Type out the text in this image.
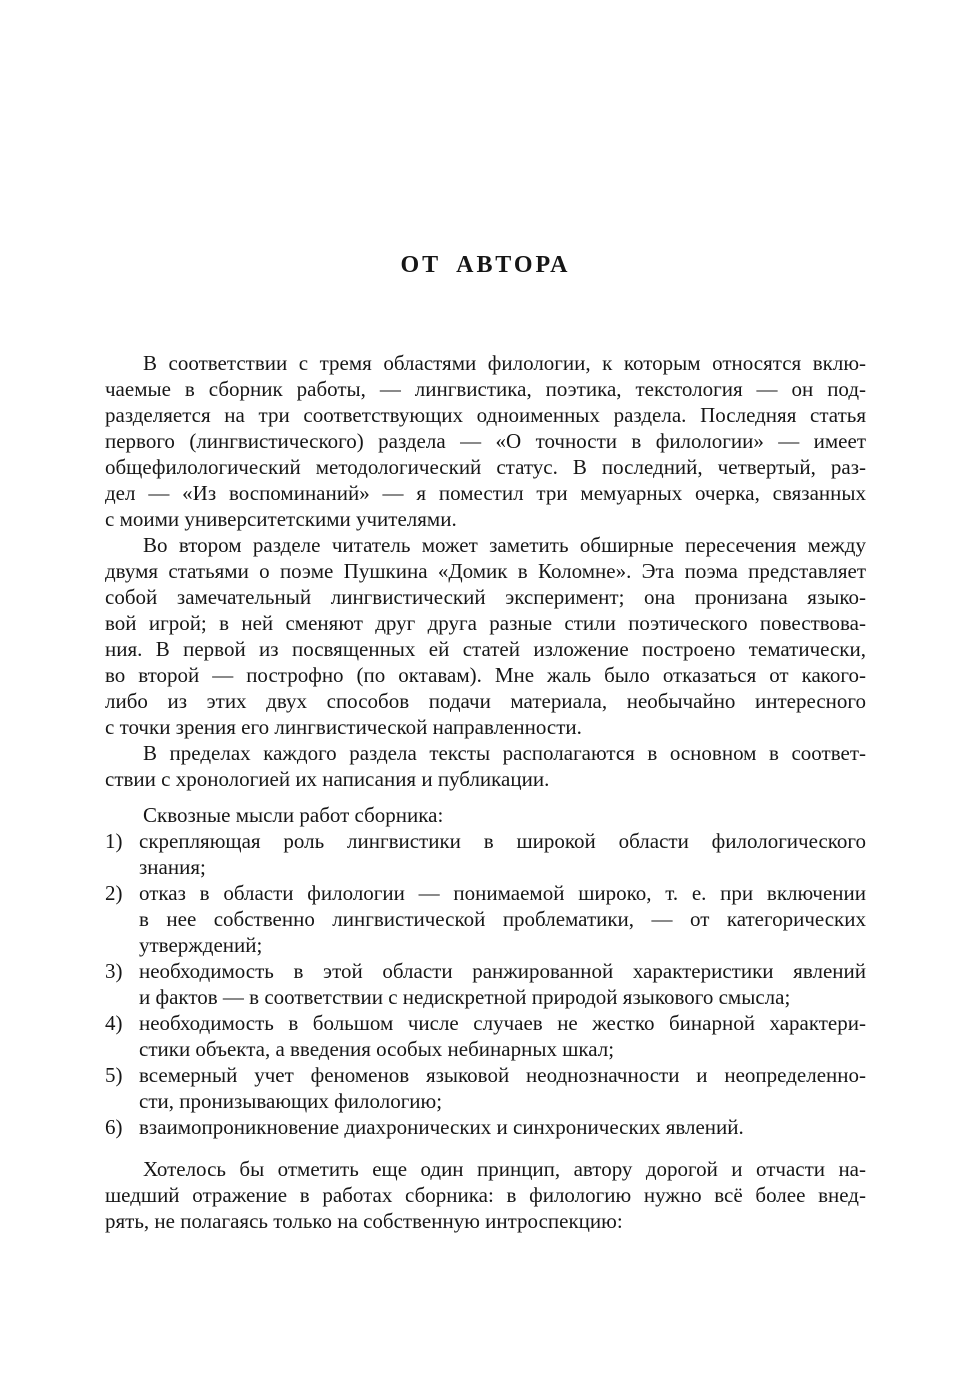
ОТ АВТОРА
В соответствии с тремя областями филологии, к которым относятся вклю-
чаемые в сборник работы, — лингвистика, поэтика, текстология — он под-
разделяется на три соответствующих одноименных раздела. Последняя статья
первого (лингвистического) раздела — «О точности в филологии» — имеет
общефилологический методологический статус. В последний, четвертый, раз-
дел — «Из воспоминаний» — я поместил три мемуарных очерка, связанных
с моими университетскими учителями.
Во втором разделе читатель может заметить обширные пересечения между
двумя статьями о поэме Пушкина «Домик в Коломне». Эта поэма представляет
собой замечательный лингвистический эксперимент; она пронизана языко-
вой игрой; в ней сменяют друг друга разные стили поэтического повествова-
ния. В первой из посвященных ей статей изложение построено тематически,
во второй — построфно (по октавам). Мне жаль было отказаться от какого-
либо из этих двух способов подачи материала, необычайно интересного
с точки зрения его лингвистической направленности.
В пределах каждого раздела тексты располагаются в основном в соответ-
ствии с хронологией их написания и публикации.
Сквозные мысли работ сборника:
1) скрепляющая роль лингвистики в широкой области филологического
знания;
2) отказ в области филологии — понимаемой широко, т. е. при включении
в нее собственно лингвистической проблематики, — от категорических
утверждений;
3) необходимость в этой области ранжированной характеристики явлений
и фактов — в соответствии с недискретной природой языкового смысла;
4) необходимость в большом числе случаев не жестко бинарной характери-
стики объекта, а введения особых небинарных шкал;
5) всемерный учет феноменов языковой неоднозначности и неопределенно-
сти, пронизывающих филологию;
6) взаимопроникновение диахронических и синхронических явлений.
Хотелось бы отметить еще один принцип, автору дорогой и отчасти на-
шедший отражение в работах сборника: в филологию нужно всё более внед-
рять, не полагаясь только на собственную интроспекцию:
